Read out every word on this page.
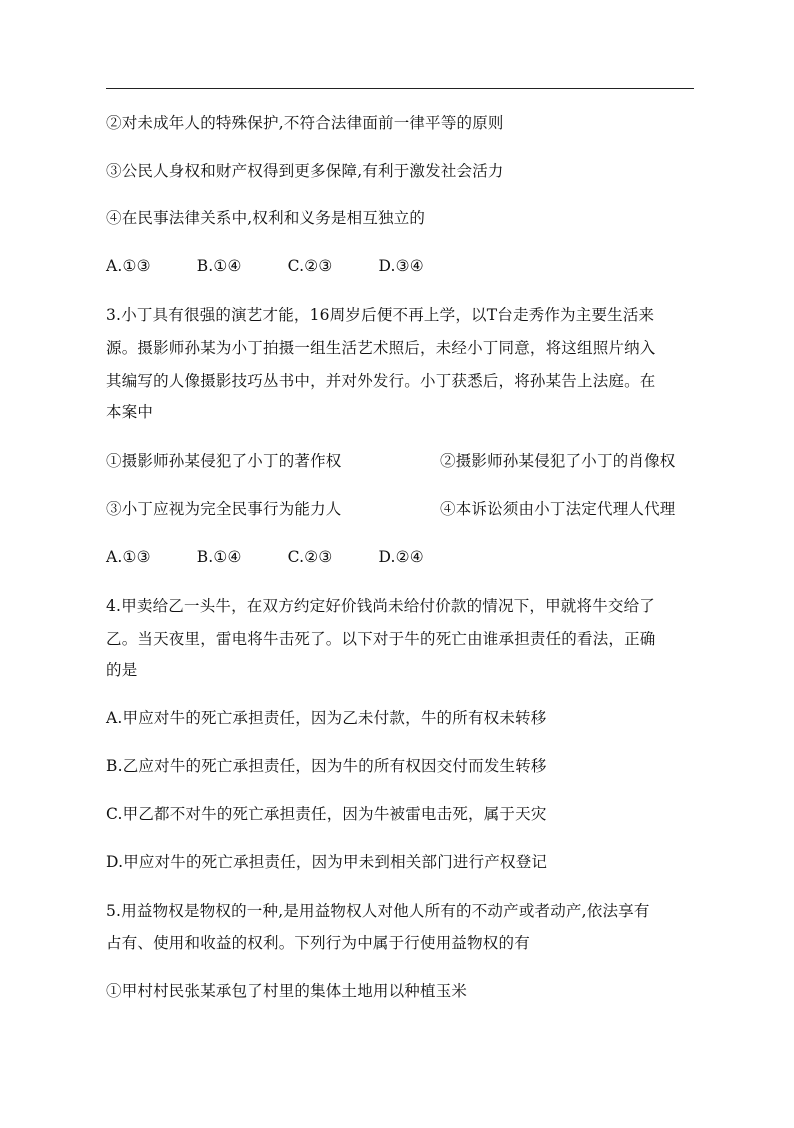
②对未成年人的特殊保护,不符合法律面前一律平等的原则
③公民人身权和财产权得到更多保障,有利于激发社会活力
④在民事法律关系中,权利和义务是相互独立的
A.①③	B.①④	C.②③	D.③④
3.小丁具有很强的演艺才能，16周岁后便不再上学，以T台走秀作为主要生活来
源。摄影师孙某为小丁拍摄一组生活艺术照后，未经小丁同意，将这组照片纳入
其编写的人像摄影技巧丛书中，并对外发行。小丁获悉后，将孙某告上法庭。在
本案中
①摄影师孙某侵犯了小丁的著作权	②摄影师孙某侵犯了小丁的肖像权
③小丁应视为完全民事行为能力人	④本诉讼须由小丁法定代理人代理
A.①③	B.①④	C.②③	D.②④
4.甲卖给乙一头牛，在双方约定好价钱尚未给付价款的情况下，甲就将牛交给了
乙。当天夜里，雷电将牛击死了。以下对于牛的死亡由谁承担责任的看法，正确
的是
A.甲应对牛的死亡承担责任，因为乙未付款，牛的所有权未转移
B.乙应对牛的死亡承担责任，因为牛的所有权因交付而发生转移
C.甲乙都不对牛的死亡承担责任，因为牛被雷电击死，属于天灾
D.甲应对牛的死亡承担责任，因为甲未到相关部门进行产权登记
5.用益物权是物权的一种,是用益物权人对他人所有的不动产或者动产,依法享有
占有、使用和收益的权利。下列行为中属于行使用益物权的有
①甲村村民张某承包了村里的集体土地用以种植玉米
